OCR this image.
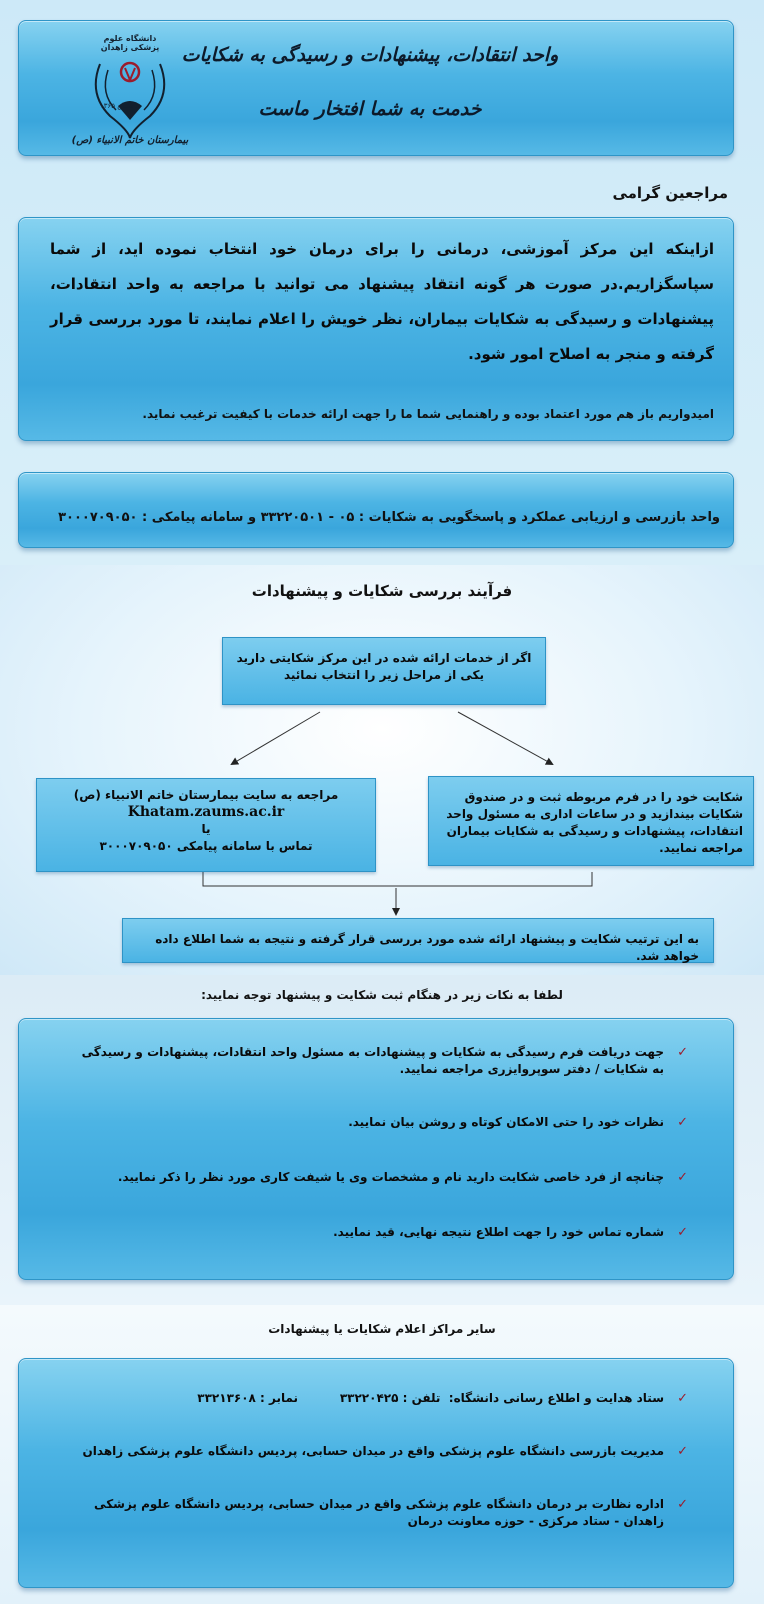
دانشگاه علوم پزشکی زاهدان
تاسیس ۱۳۶۵
بیمارستان خاتم الانبیاء (ص)
واحد انتقادات، پیشنهادات و رسیدگی به شکایات
خدمت به شما افتخار ماست
مراجعین گرامی
ازاینکه این مرکز آموزشی، درمانی را برای درمان خود انتخاب نموده اید، از شما سپاسگزاریم.در صورت هر گونه انتقاد پیشنهاد می توانید با مراجعه به واحد انتقادات، پیشنهادات و رسیدگی به شکایات بیماران، نظر خویش را اعلام نمایند، تا مورد بررسی قرار گرفته و منجر به اصلاح امور شود.
امیدواریم باز هم مورد اعتماد بوده و راهنمایی شما ما را جهت ارائه خدمات با کیفیت ترغیب نماید.
واحد بازرسی و ارزیابی عملکرد و پاسخگویی به شکایات : ۰۵ - ۳۳۲۲۰۵۰۱ و سامانه پیامکی : ۳۰۰۰۷۰۹۰۵۰
فرآیند بررسی شکایات و پیشنهادات
اگر از خدمات ارائه شده در این مرکز شکایتی دارید
یکی از مراحل زیر را انتخاب نمائید
شکایت خود را در فرم مربوطه ثبت و در صندوق شکایات بیندازید و در ساعات اداری به مسئول واحد انتقادات، پیشنهادات و رسیدگی به شکایات بیماران مراجعه نمایید.
مراجعه به سایت بیمارستان خاتم الانبیاء (ص)
Khatam.zaums.ac.ir
یا
تماس با سامانه پیامکی ۳۰۰۰۷۰۹۰۵۰
به این ترتیب شکایت و پیشنهاد ارائه شده مورد بررسی قرار گرفته و نتیجه به شما اطلاع داده خواهد شد.
لطفا به نکات زیر در هنگام ثبت شکایت و پیشنهاد توجه نمایید:
✓
جهت دریافت فرم رسیدگی به شکایات و پیشنهادات به مسئول واحد انتقادات، پیشنهادات و رسیدگی به شکایات / دفتر سوپروایزری مراجعه نمایید.
✓
نظرات خود را حتی الامکان کوتاه و روشن بیان نمایید.
✓
چنانچه از فرد خاصی شکایت دارید نام و مشخصات وی یا شیفت کاری مورد نظر را ذکر نمایید.
✓
شماره تماس خود را جهت اطلاع نتیجه نهایی، قید نمایید.
سایر مراکز اعلام شکایات یا پیشنهادات
✓
ستاد هدایت و اطلاع رسانی دانشگاه:  تلفن : ۳۳۲۲۰۴۲۵          نمابر : ۳۳۲۱۳۶۰۸
✓
مدیریت بازرسی دانشگاه علوم پزشکی واقع در میدان حسابی، پردیس دانشگاه علوم پزشکی زاهدان
✓
اداره نظارت بر درمان دانشگاه علوم پزشکی واقع در میدان حسابی، پردیس دانشگاه علوم پزشکی زاهدان - ستاد مرکزی - حوزه معاونت درمان
